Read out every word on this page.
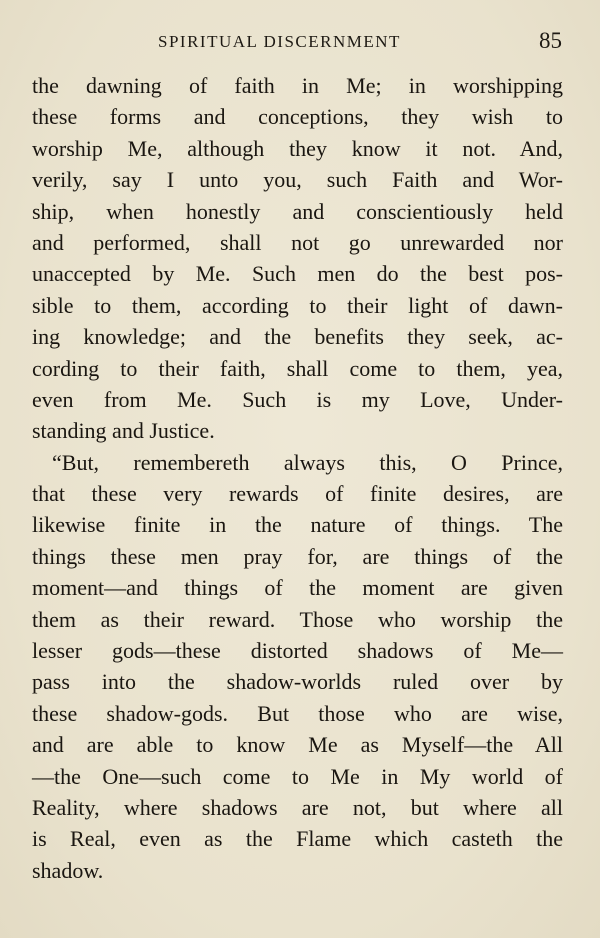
SPIRITUAL DISCERNMENT	85
the dawning of faith in Me; in worshipping
these forms and conceptions, they wish to
worship Me, although they know it not. And,
verily, say I unto you, such Faith and Wor-
ship, when honestly and conscientiously held
and performed, shall not go unrewarded nor
unaccepted by Me. Such men do the best pos-
sible to them, according to their light of dawn-
ing knowledge; and the benefits they seek, ac-
cording to their faith, shall come to them, yea,
even from Me. Such is my Love, Under-
standing and Justice.
“But, remembereth always this, O Prince,
that these very rewards of finite desires, are
likewise finite in the nature of things. The
things these men pray for, are things of the
moment—and things of the moment are given
them as their reward. Those who worship the
lesser gods—these distorted shadows of Me—
pass into the shadow-worlds ruled over by
these shadow-gods. But those who are wise,
and are able to know Me as Myself—the All
—the One—such come to Me in My world of
Reality, where shadows are not, but where all
is Real, even as the Flame which casteth the
shadow.
